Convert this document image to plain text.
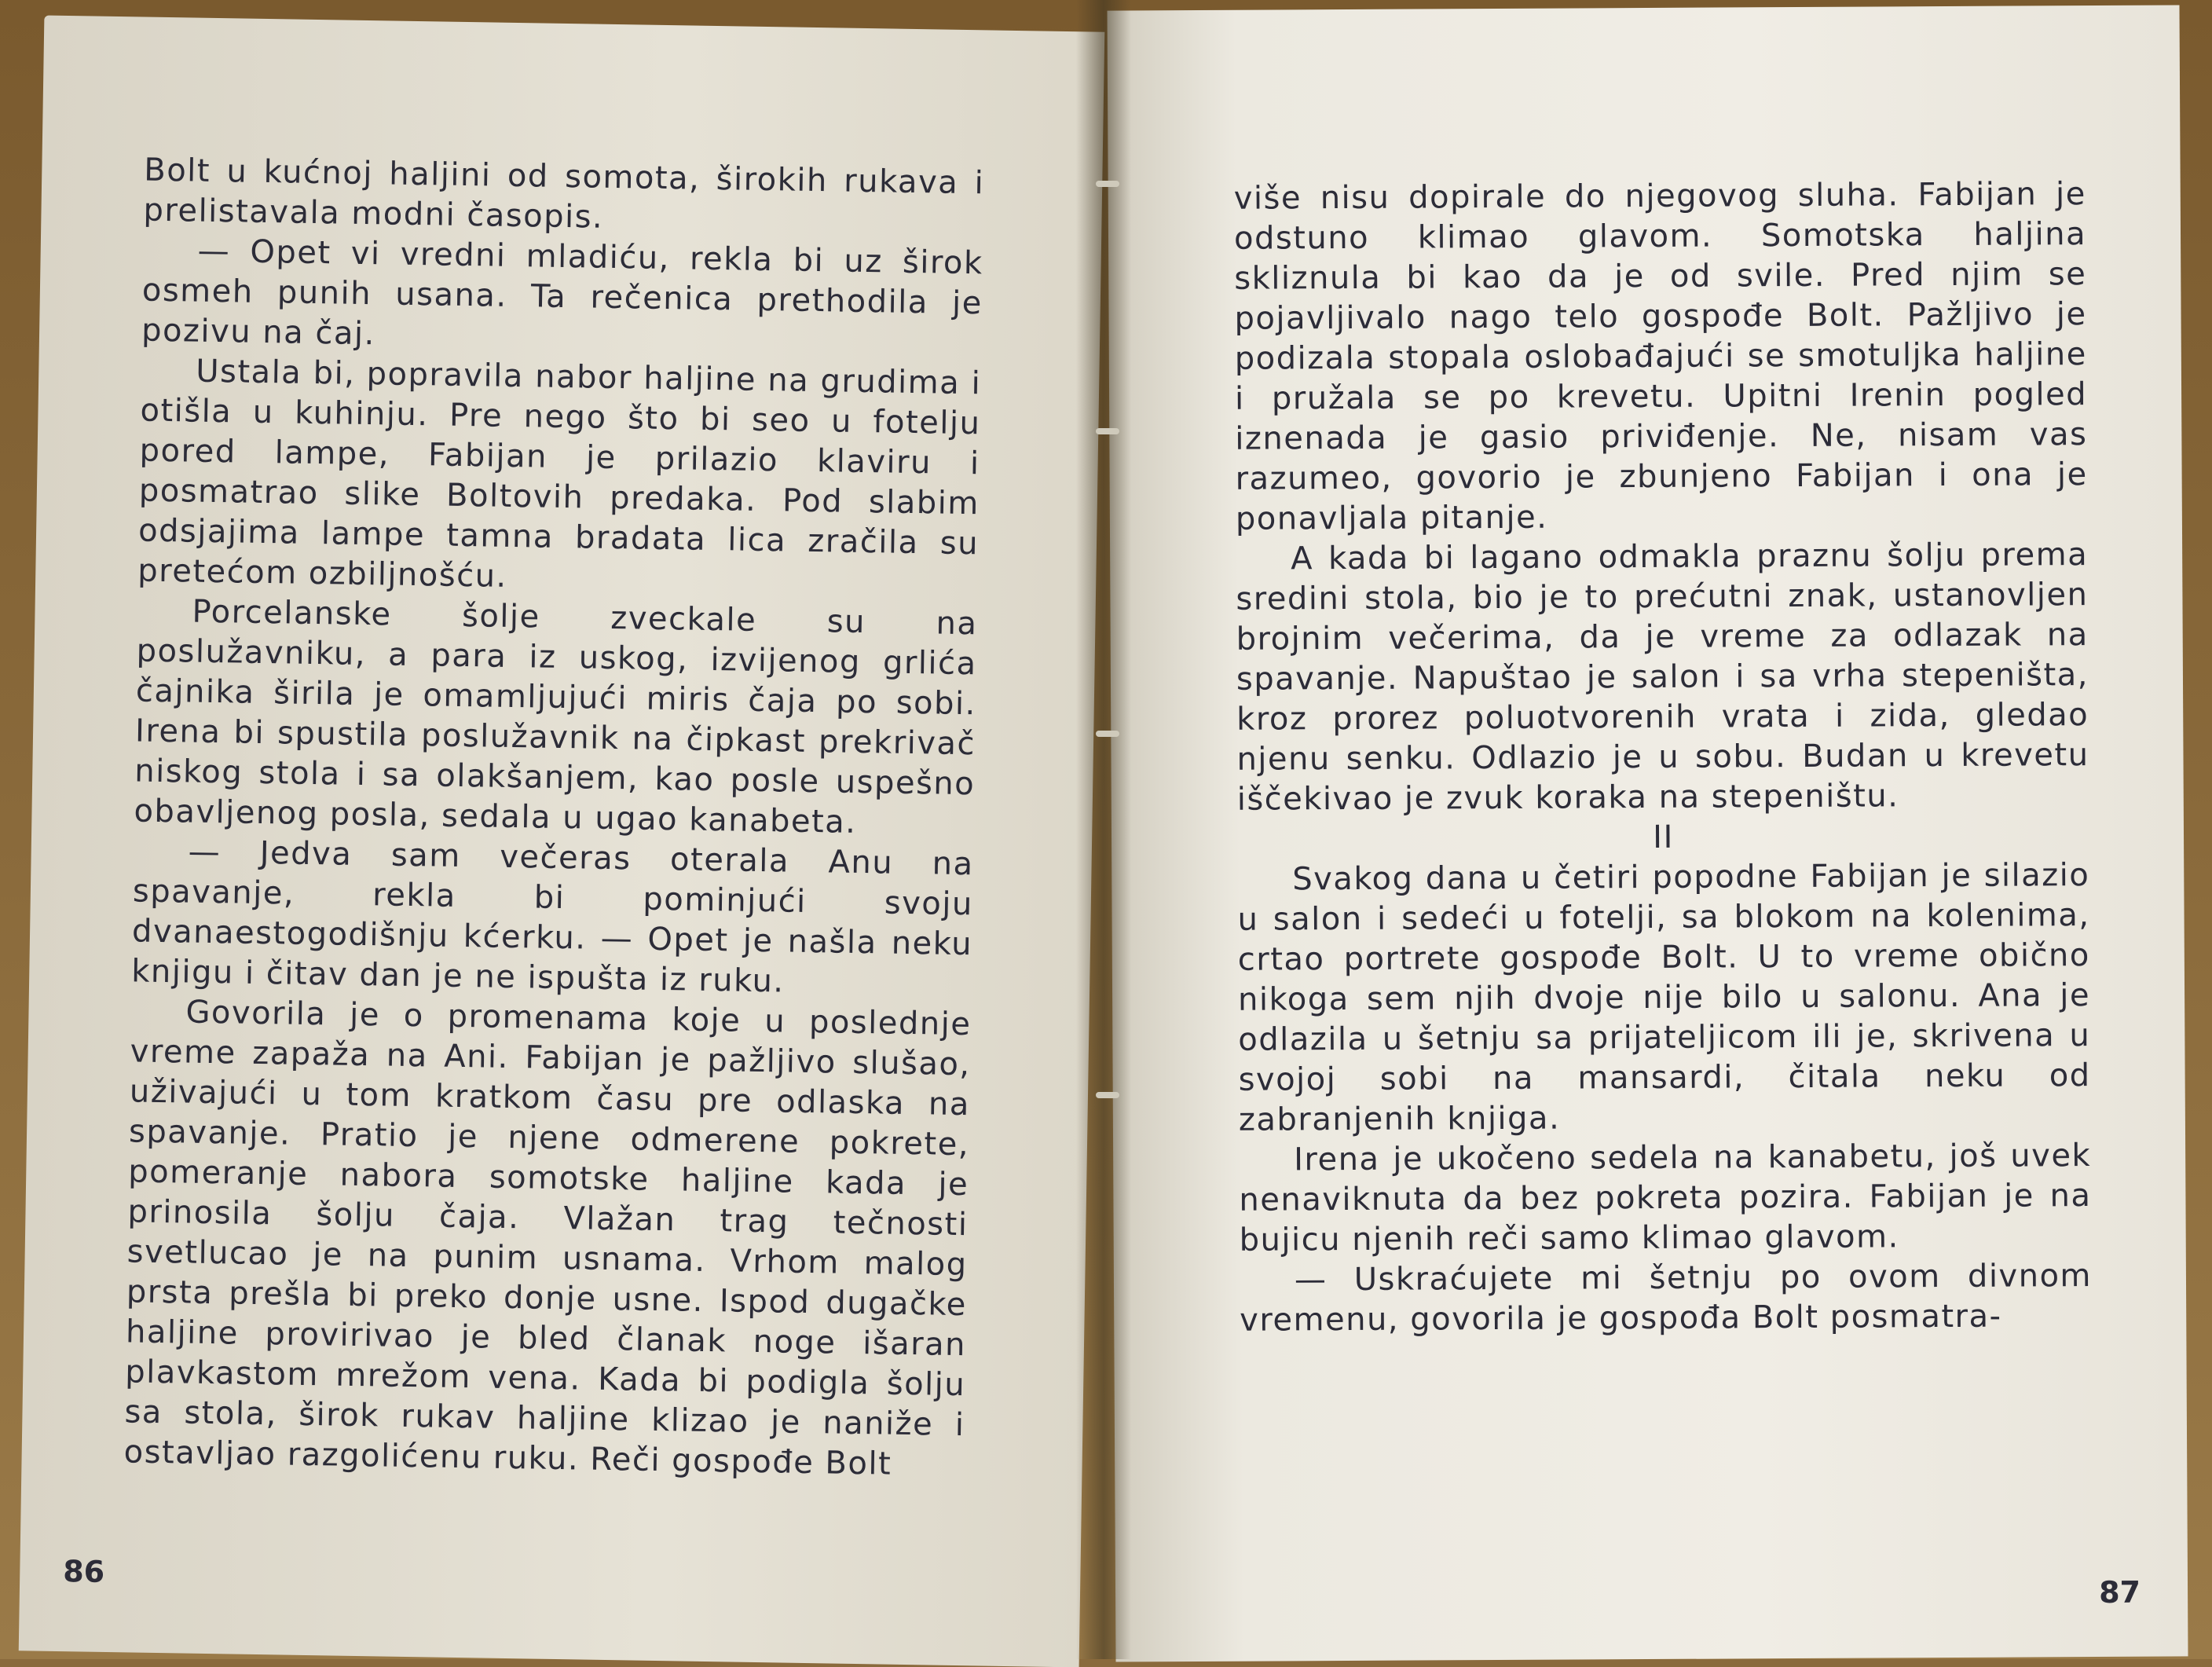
Bolt u kućnoj haljini od somota, širokih rukava i prelistavala modni časopis.

— Opet vi vredni mladiću, rekla bi uz širok osmeh punih usana. Ta rečenica prethodila je pozivu na čaj.

Ustala bi, popravila nabor haljine na grudima i otišla u kuhinju. Pre nego što bi seo u fotelju pored lampe, Fabijan je prilazio klaviru i posmatrao slike Boltovih predaka. Pod slabim odsjajima lampe tamna bradata lica zračila su pretećom ozbiljnošću.

Porcelanske šolje zveckale su na poslužavniku, a para iz uskog, izvijenog grlića čajnika širila je omamljujući miris čaja po sobi. Irena bi spustila poslužavnik na čipkast prekrivač niskog stola i sa olakšanjem, kao posle uspešno obavljenog posla, sedala u ugao kanabeta.

— Jedva sam večeras oterala Anu na spavanje, rekla bi pominjući svoju dvanaestogodišnju kćerku. — Opet je našla neku knjigu i čitav dan je ne ispušta iz ruku.

Govorila je o promenama koje u poslednje vreme zapaža na Ani. Fabijan je pažljivo slušao, uživajući u tom kratkom času pre odlaska na spavanje. Pratio je njene odmerene pokrete, pomeranje nabora somotske haljine kada je prinosila šolju čaja. Vlažan trag tečnosti svetlucao je na punim usnama. Vrhom malog prsta prešla bi preko donje usne. Ispod dugačke haljine provirivao je bled članak noge išaran plavkastom mrežom vena. Kada bi podigla šolju sa stola, širok rukav haljine klizao je naniže i ostavljao razgolićenu ruku. Reči gospođe Bolt

86

više nisu dopirale do njegovog sluha. Fabijan je odstuno klimao glavom. Somotska haljina skliznula bi kao da je od svile. Pred njim se pojavljivalo nago telo gospođe Bolt. Pažljivo je podizala stopala oslobađajući se smotuljka haljine i pružala se po krevetu. Upitni Irenin pogled iznenada je gasio priviđenje. Ne, nisam vas razumeo, govorio je zbunjeno Fabijan i ona je ponavljala pitanje.

A kada bi lagano odmakla praznu šolju prema sredini stola, bio je to prećutni znak, ustanovljen brojnim večerima, da je vreme za odlazak na spavanje. Napuštao je salon i sa vrha stepeništa, kroz prorez poluotvorenih vrata i zida, gledao njenu senku. Odlazio je u sobu. Budan u krevetu iščekivao je zvuk koraka na stepeništu.

II

Svakog dana u četiri popodne Fabijan je silazio u salon i sedeći u fotelji, sa blokom na kolenima, crtao portrete gospođe Bolt. U to vreme obično nikoga sem njih dvoje nije bilo u salonu. Ana je odlazila u šetnju sa prijateljicom ili je, skrivena u svojoj sobi na mansardi, čitala neku od zabranjenih knjiga.

Irena je ukočeno sedela na kanabetu, još uvek nenaviknuta da bez pokreta pozira. Fabijan je na bujicu njenih reči samo klimao glavom.

— Uskraćujete mi šetnju po ovom divnom vremenu, govorila je gospođa Bolt posmatra-

87
